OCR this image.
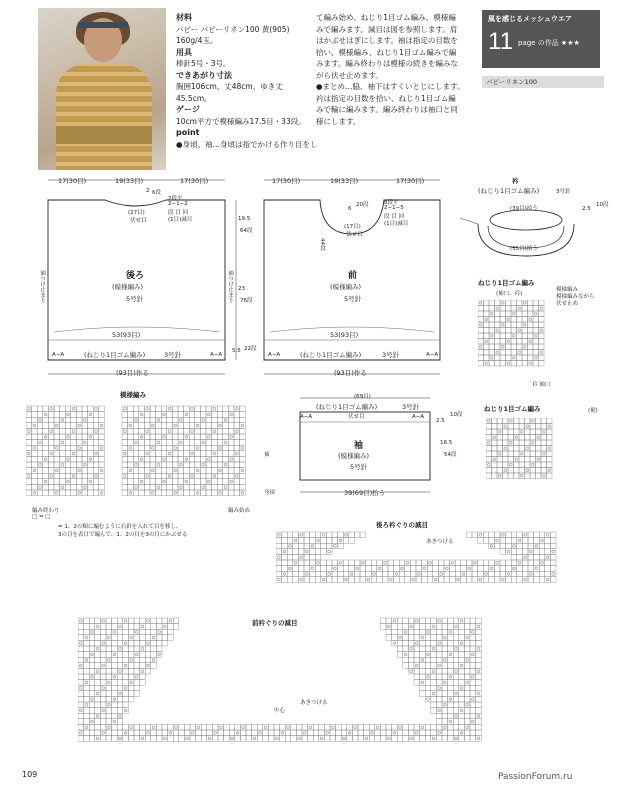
材料
パピー パピーリネン100 黄(905)
160g/4玉。
用具
棒針5号・3号。
できあがり寸法
胸囲106cm、丈48cm、ゆき丈45.5cm。
ゲージ
10cm平方で模様編み17.5目・33段。
point
●身頃、袖…身頃は指でかける作り目をし
て編み始め、ねじり1目ゴム編み、模様編
みで編みます。減目は図を参照します。肩
はかぶせはぎにします。袖は指定の目数を
拾い、模様編み、ねじり1目ゴム編みで編
みます。編み終わりは模様の続きを編みな
がら伏せ止めます。
●まとめ…脇、袖下はすくいとじにします。
衿は指定の目数を拾い、ねじり1目ゴム編
みで輪に編みます。編み終わりは袖口と同
様にします。
風を感じるメッシュウエア
11 page の作品 ★★★
パピーリネン100
17(30目)	19(33目)	17(30目)
(27目)
伏せ目
2段平
2−1−2
段 目 回
(1目)減目
2 6段
後ろ
(模様編み)
5号針
53(93目)
(ねじり1目ゴム編み)	3号針
(93目)作る
A−A	A−A
19.5
64段
23
76段
5.5 22段
袖つけ止まり	袖つけ止まり
17(30目)	19(33目)	17(30目)
(17目)
伏せ目
8段平
2−1−5
段 目 回
(1目)減目
6
20段
44段
前
(模様編み)
5号針
53(93目)
(ねじり1目ゴム編み)	3号針
(93目)作る
A−A	A−A
衿
(ねじり1目ゴム編み)	3号針
(39目)拾う
(55目)拾う
2.5
10段
ねじり1目ゴム編み
(袖口、衿)
模様編み
模様編みながら
伏せ止め
衿 袖口
ねじり1目ゴム編み	(裾)
模様編み
袖
身頃
編み始め
編み終わり
□ = □
= 1、2の順に編むように右針を入れて目を移し、
3の目を表目で編んで、1、2の目を3の目にかぶせる
(69目)
(ねじり1目ゴム編み)	3号針
伏せ目
袖
(模様編み)
5号針
2.5
10段
16.5
54段
39(69目)拾う
A−A	A−A
後ろ衿ぐりの減目
あきつける
前衿ぐりの減目
あきつける
中心
109	PassionForum.ru
